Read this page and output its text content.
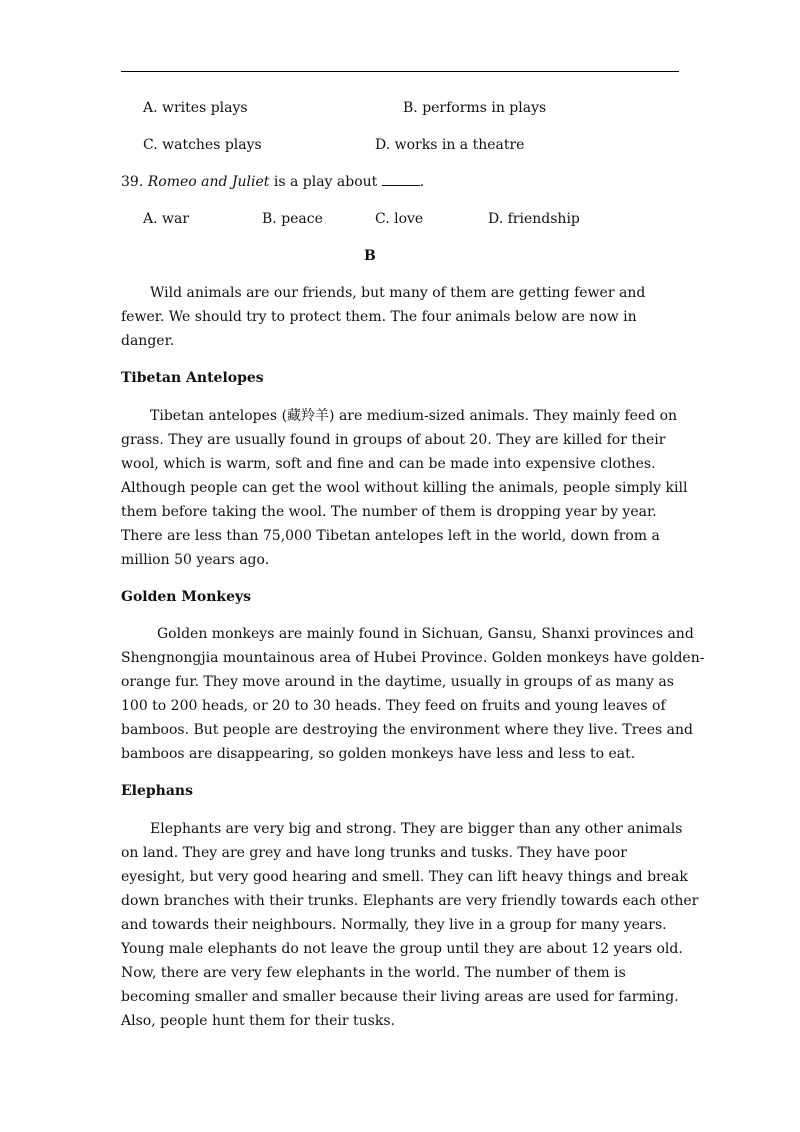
A. writes plays	B. performs in plays
C. watches plays	D. works in a theatre
39. Romeo and Juliet is a play about	.
A. war	B. peace	C. love	D. friendship
B
Wild animals are our friends, but many of them are getting fewer and
fewer. We should try to protect them. The four animals below are now in
danger.
Tibetan Antelopes
Tibetan antelopes (藏羚羊) are medium-sized animals. They mainly feed on
grass. They are usually found in groups of about 20. They are killed for their
wool, which is warm, soft and fine and can be made into expensive clothes.
Although people can get the wool without killing the animals, people simply kill
them before taking the wool. The number of them is dropping year by year.
There are less than 75,000 Tibetan antelopes left in the world, down from a
million 50 years ago.
Golden Monkeys
Golden monkeys are mainly found in Sichuan, Gansu, Shanxi provinces and
Shengnongjia mountainous area of Hubei Province. Golden monkeys have golden-
orange fur. They move around in the daytime, usually in groups of as many as
100 to 200 heads, or 20 to 30 heads. They feed on fruits and young leaves of
bamboos. But people are destroying the environment where they live. Trees and
bamboos are disappearing, so golden monkeys have less and less to eat.
Elephans
Elephants are very big and strong. They are bigger than any other animals
on land. They are grey and have long trunks and tusks. They have poor
eyesight, but very good hearing and smell. They can lift heavy things and break
down branches with their trunks. Elephants are very friendly towards each other
and towards their neighbours. Normally, they live in a group for many years.
Young male elephants do not leave the group until they are about 12 years old.
Now, there are very few elephants in the world. The number of them is
becoming smaller and smaller because their living areas are used for farming.
Also, people hunt them for their tusks.
